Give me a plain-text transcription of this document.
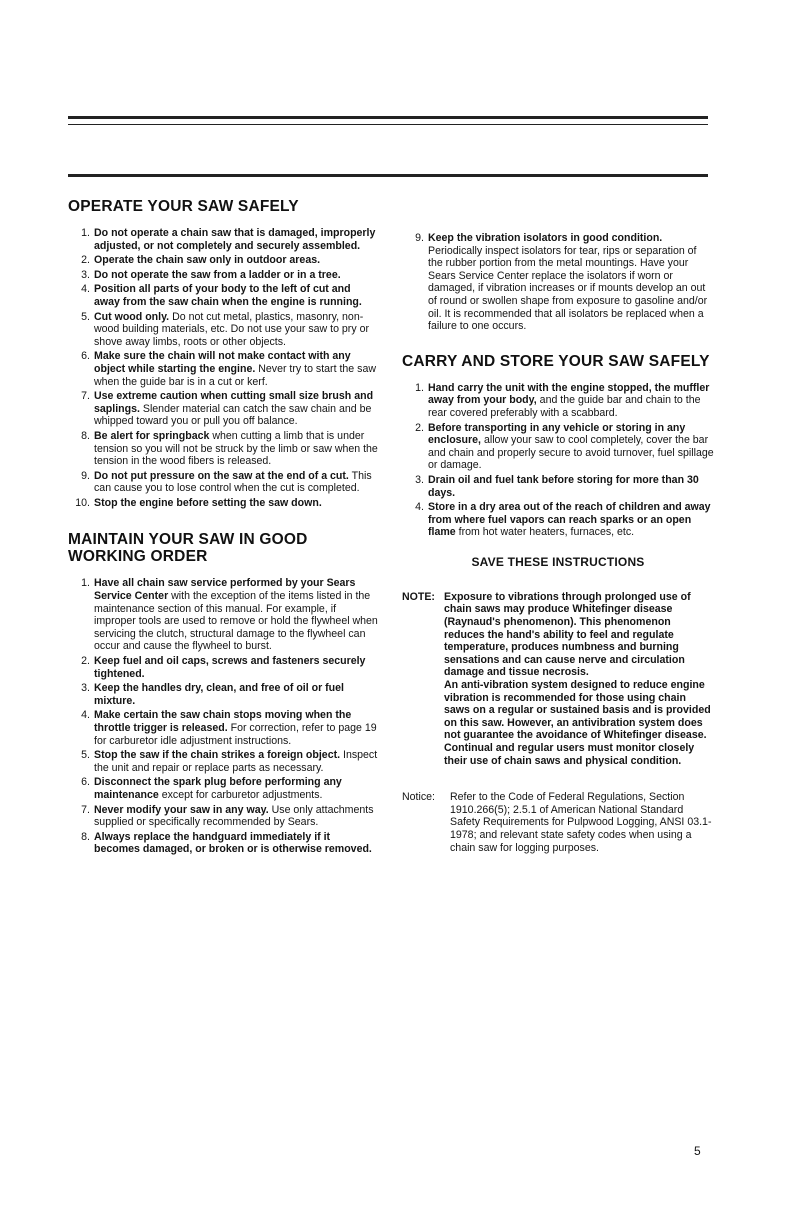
OPERATE YOUR SAW SAFELY
1. Do not operate a chain saw that is damaged, improperly adjusted, or not completely and securely assembled.
2. Operate the chain saw only in outdoor areas.
3. Do not operate the saw from a ladder or in a tree.
4. Position all parts of your body to the left of cut and away from the saw chain when the engine is running.
5. Cut wood only. Do not cut metal, plastics, masonry, non-wood building materials, etc. Do not use your saw to pry or shove away limbs, roots or other objects.
6. Make sure the chain will not make contact with any object while starting the engine. Never try to start the saw when the guide bar is in a cut or kerf.
7. Use extreme caution when cutting small size brush and saplings. Slender material can catch the saw chain and be whipped toward you or pull you off balance.
8. Be alert for springback when cutting a limb that is under tension so you will not be struck by the limb or saw when the tension in the wood fibers is released.
9. Do not put pressure on the saw at the end of a cut. This can cause you to lose control when the cut is completed.
10. Stop the engine before setting the saw down.
MAINTAIN YOUR SAW IN GOOD WORKING ORDER
1. Have all chain saw service performed by your Sears Service Center with the exception of the items listed in the maintenance section of this manual. For example, if improper tools are used to remove or hold the flywheel when servicing the clutch, structural damage to the flywheel can occur and cause the flywheel to burst.
2. Keep fuel and oil caps, screws and fasteners securely tightened.
3. Keep the handles dry, clean, and free of oil or fuel mixture.
4. Make certain the saw chain stops moving when the throttle trigger is released. For correction, refer to page 19 for carburetor idle adjustment instructions.
5. Stop the saw if the chain strikes a foreign object. Inspect the unit and repair or replace parts as necessary.
6. Disconnect the spark plug before performing any maintenance except for carburetor adjustments.
7. Never modify your saw in any way. Use only attachments supplied or specifically recommended by Sears.
8. Always replace the handguard immediately if it becomes damaged, or broken or is otherwise removed.
9. Keep the vibration isolators in good condition. Periodically inspect isolators for tear, rips or separation of the rubber portion from the metal mountings. Have your Sears Service Center replace the isolators if worn or damaged, if vibration increases or if mounts develop an out of round or swollen shape from exposure to gasoline and/or oil. It is recommended that all isolators be replaced when a failure to one occurs.
CARRY AND STORE YOUR SAW SAFELY
1. Hand carry the unit with the engine stopped, the muffler away from your body, and the guide bar and chain to the rear covered preferably with a scabbard.
2. Before transporting in any vehicle or storing in any enclosure, allow your saw to cool completely, cover the bar and chain and properly secure to avoid turnover, fuel spillage or damage.
3. Drain oil and fuel tank before storing for more than 30 days.
4. Store in a dry area out of the reach of children and away from where fuel vapors can reach sparks or an open flame from hot water heaters, furnaces, etc.
SAVE THESE INSTRUCTIONS
NOTE: Exposure to vibrations through prolonged use of chain saws may produce Whitefinger disease (Raynaud's phenomenon). This phenomenon reduces the hand's ability to feel and regulate temperature, produces numbness and burning sensations and can cause nerve and circulation damage and tissue necrosis.

An anti-vibration system designed to reduce engine vibration is recommended for those using chain saws on a regular or sustained basis and is provided on this saw. However, an antivibration system does not guarantee the avoidance of Whitefinger disease. Continual and regular users must monitor closely their use of chain saws and physical condition.

Notice: Refer to the Code of Federal Regulations, Section 1910.266(5); 2.5.1 of American National Standard Safety Requirements for Pulpwood Logging, ANSI 03.1-1978; and relevant state safety codes when using a chain saw for logging purposes.
5
